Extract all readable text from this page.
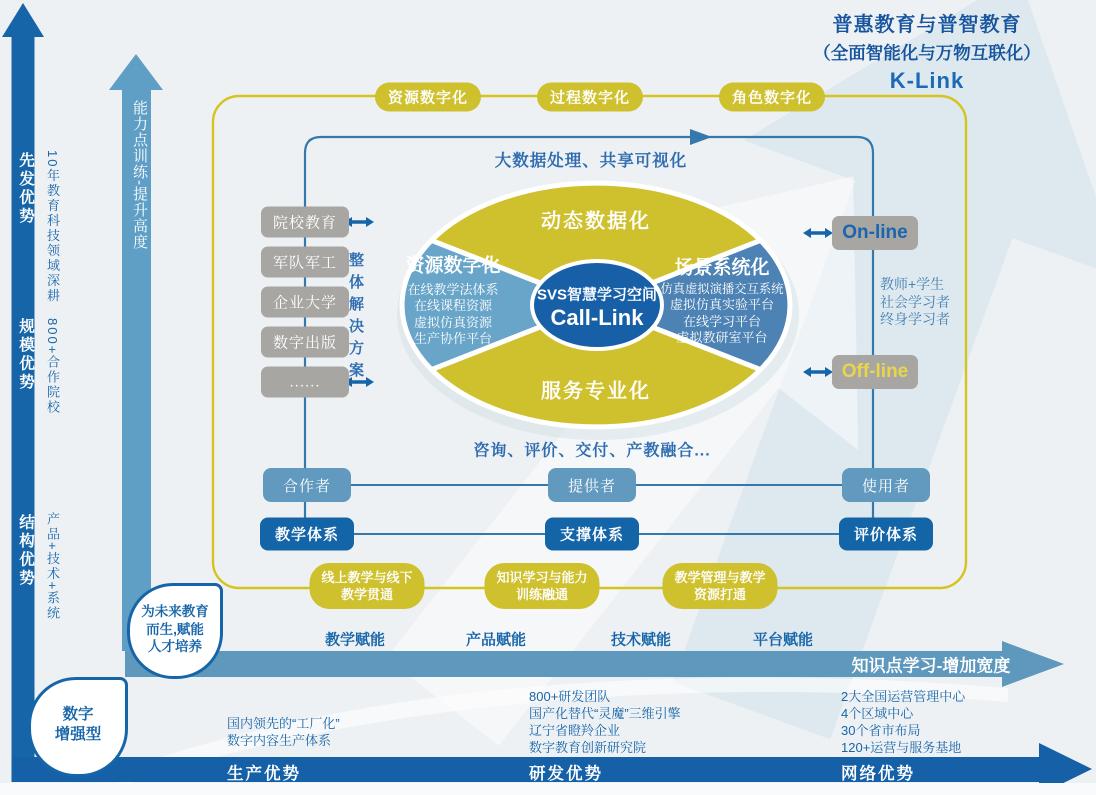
普惠教育与普智教育
（全面智能化与万物互联化）
K-Link
先发优势
规模优势
结构优势
10年教育科技领域深耕
800+合作院校
产品+技术+系统
能力点训练-提升高度
为未来教育
而生,赋能
人才培养
数字
增强型
资源数字化	过程数字化	角色数字化
大数据处理、共享可视化
院校教育
军队军工
企业大学
数字出版
......	整体解决方案
动态数据化
服务专业化
资源数字化
在线教学法体系
在线课程资源
虚拟仿真资源
生产协作平台
场景系统化
仿真虚拟演播交互系统
虚拟仿真实验平台
在线学习平台
虚拟教研室平台
SVS智慧学习空间
Call-Link
On-line
Off-line
教师+学生
社会学习者
终身学习者
咨询、评价、交付、产教融合...
合作者	提供者	使用者
教学体系	支撑体系	评价体系
线上教学与线下
教学贯通
知识学习与能力
训练融通
教学管理与教学
资源打通
教学赋能	产品赋能	技术赋能	平台赋能
知识点学习-增加宽度
国内领先的“工厂化”
数字内容生产体系
800+研发团队
国产化替代“灵魔”三维引擎
辽宁省瞪羚企业
数字教育创新研究院
2大全国运营管理中心
4个区域中心
30个省市布局
120+运营与服务基地
生产优势	研发优势	网络优势
